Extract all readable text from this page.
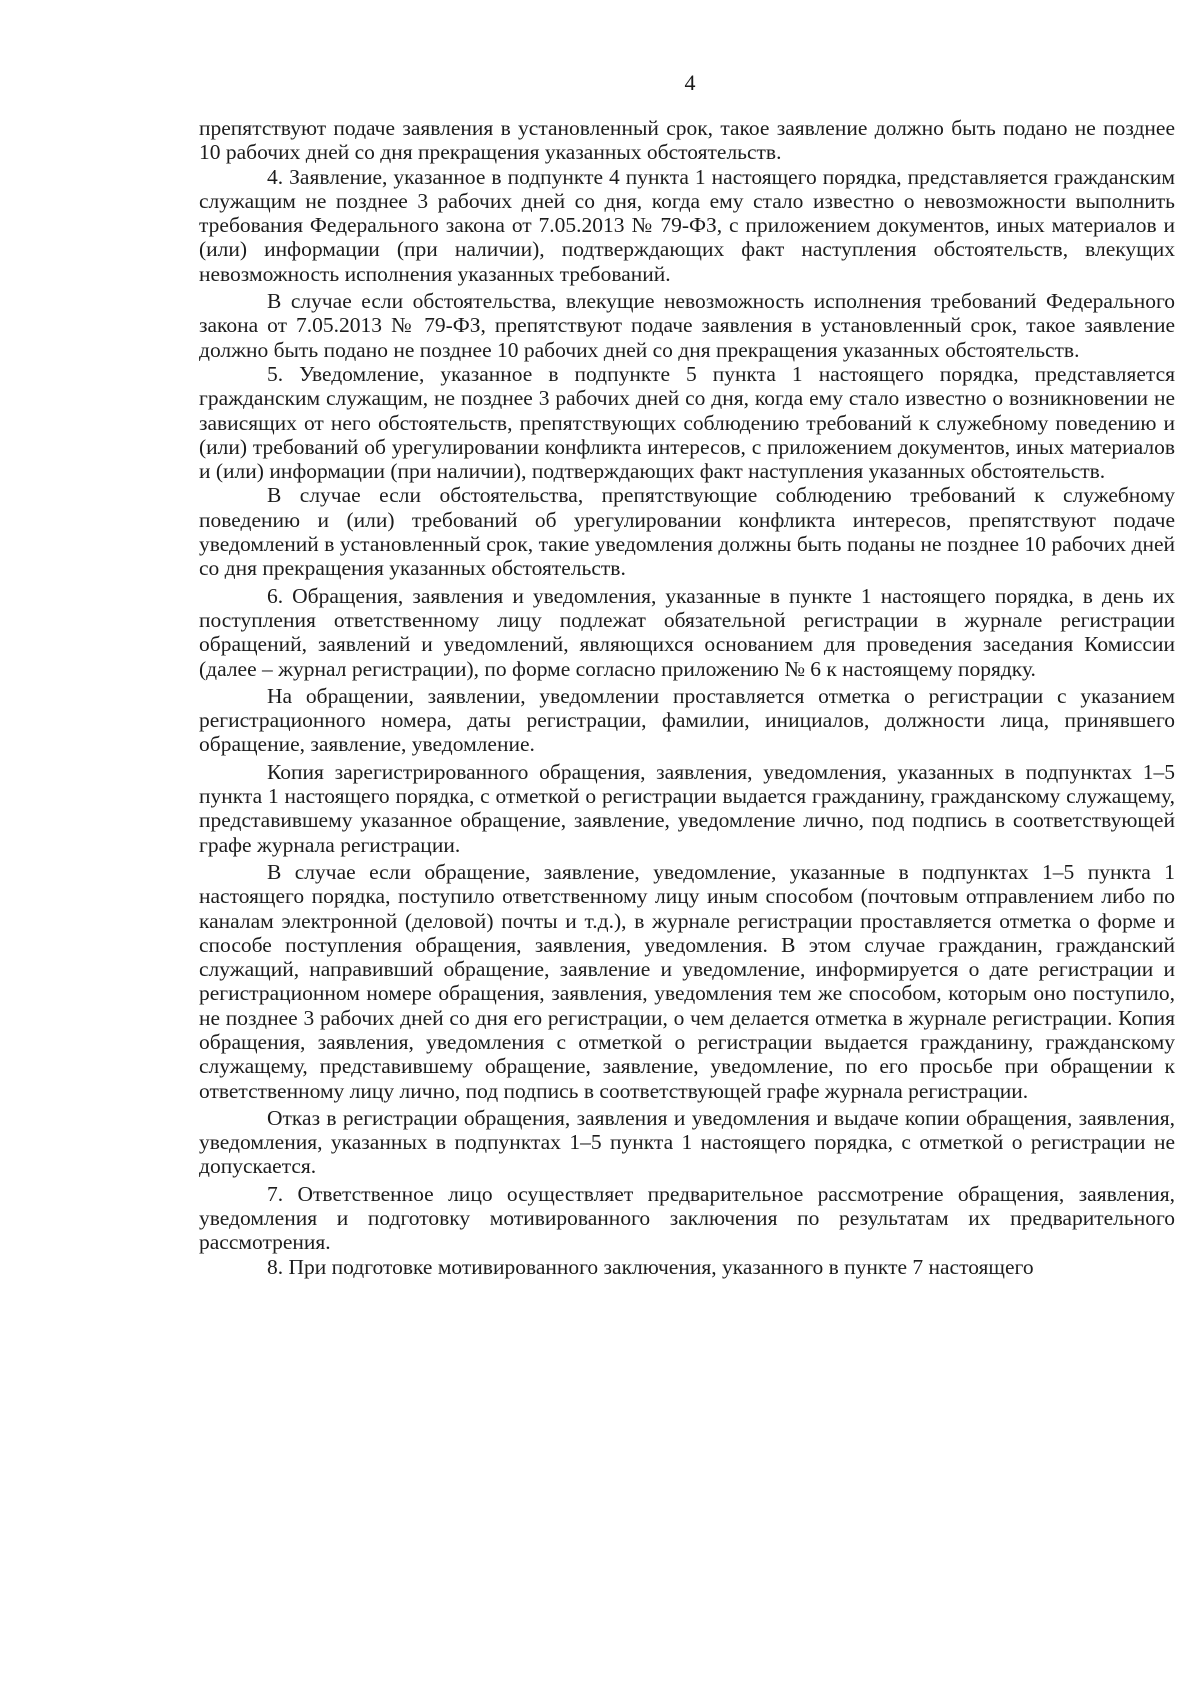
4

препятствуют подаче заявления в установленный срок, такое заявление должно быть подано не позднее 10 рабочих дней со дня прекращения указанных обстоятельств.

4. Заявление, указанное в подпункте 4 пункта 1 настоящего порядка, представляется гражданским служащим не позднее 3 рабочих дней со дня, когда ему стало известно о невозможности выполнить требования Федерального закона от 7.05.2013 № 79-ФЗ, с приложением документов, иных материалов и (или) информации (при наличии), подтверждающих факт наступления обстоятельств, влекущих невозможность исполнения указанных требований.

В случае если обстоятельства, влекущие невозможность исполнения требований Федерального закона от 7.05.2013 № 79-ФЗ, препятствуют подаче заявления в установленный срок, такое заявление должно быть подано не позднее 10 рабочих дней со дня прекращения указанных обстоятельств.

5. Уведомление, указанное в подпункте 5 пункта 1 настоящего порядка, представляется гражданским служащим, не позднее 3 рабочих дней со дня, когда ему стало известно о возникновении не зависящих от него обстоятельств, препятствующих соблюдению требований к служебному поведению и (или) требований об урегулировании конфликта интересов, с приложением документов, иных материалов и (или) информации (при наличии), подтверждающих факт наступления указанных обстоятельств.

В случае если обстоятельства, препятствующие соблюдению требований к служебному поведению и (или) требований об урегулировании конфликта интересов, препятствуют подаче уведомлений в установленный срок, такие уведомления должны быть поданы не позднее 10 рабочих дней со дня прекращения указанных обстоятельств.

6. Обращения, заявления и уведомления, указанные в пункте 1 настоящего порядка, в день их поступления ответственному лицу подлежат обязательной регистрации в журнале регистрации обращений, заявлений и уведомлений, являющихся основанием для проведения заседания Комиссии (далее – журнал регистрации), по форме согласно приложению № 6 к настоящему порядку.

На обращении, заявлении, уведомлении проставляется отметка о регистрации с указанием регистрационного номера, даты регистрации, фамилии, инициалов, должности лица, принявшего обращение, заявление, уведомление.

Копия зарегистрированного обращения, заявления, уведомления, указанных в подпунктах 1–5 пункта 1 настоящего порядка, с отметкой о регистрации выдается гражданину, гражданскому служащему, представившему указанное обращение, заявление, уведомление лично, под подпись в соответствующей графе журнала регистрации.

В случае если обращение, заявление, уведомление, указанные в подпунктах 1–5 пункта 1 настоящего порядка, поступило ответственному лицу иным способом (почтовым отправлением либо по каналам электронной (деловой) почты и т.д.), в журнале регистрации проставляется отметка о форме и способе поступления обращения, заявления, уведомления. В этом случае гражданин, гражданский служащий, направивший обращение, заявление и уведомление, информируется о дате регистрации и регистрационном номере обращения, заявления, уведомления тем же способом, которым оно поступило, не позднее 3 рабочих дней со дня его регистрации, о чем делается отметка в журнале регистрации. Копия обращения, заявления, уведомления с отметкой о регистрации выдается гражданину, гражданскому служащему, представившему обращение, заявление, уведомление, по его просьбе при обращении к ответственному лицу лично, под подпись в соответствующей графе журнала регистрации.

Отказ в регистрации обращения, заявления и уведомления и выдаче копии обращения, заявления, уведомления, указанных в подпунктах 1–5 пункта 1 настоящего порядка, с отметкой о регистрации не допускается.

7. Ответственное лицо осуществляет предварительное рассмотрение обращения, заявления, уведомления и подготовку мотивированного заключения по результатам их предварительного рассмотрения.

8. При подготовке мотивированного заключения, указанного в пункте 7 настоящего
